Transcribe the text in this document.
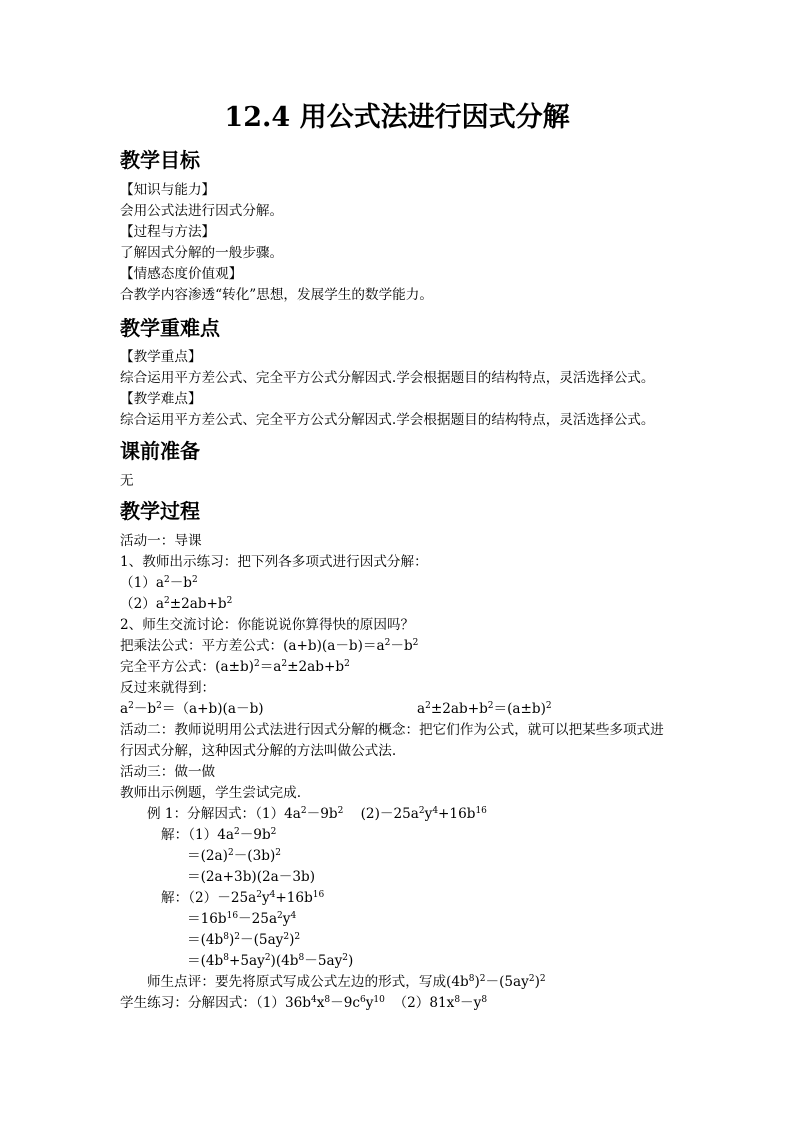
12.4 用公式法进行因式分解
教学目标
【知识与能力】
会用公式法进行因式分解。
【过程与方法】
了解因式分解的一般步骤。
【情感态度价值观】
合教学内容渗透“转化”思想，发展学生的数学能力。
教学重难点
【教学重点】
综合运用平方差公式、完全平方公式分解因式.学会根据题目的结构特点，灵活选择公式。
【教学难点】
综合运用平方差公式、完全平方公式分解因式.学会根据题目的结构特点，灵活选择公式。
课前准备
无
教学过程
活动一：导课
1、教师出示练习：把下列各多项式进行因式分解：
$(1)a^2-b^2$
$(2)a^2\pm 2ab+b^2$
2、师生交流讨论：你能说说你算得快的原因吗？
把乘法公式：平方差公式：$(a+b)(a-b)=a^2-b^2$
完全平方公式：$(a\pm b)^2=a^2\pm 2ab+b^2$
反过来就得到：
$a^2-b^2=(a+b)(a-b)$	$a^2\pm 2ab+b^2=(a\pm b)^2$
活动二：教师说明用公式法进行因式分解的概念：把它们作为公式，就可以把某些多项式进
行因式分解，这种因式分解的方法叫做公式法.
活动三：做一做
教师出示例题，学生尝试完成.
例 1：分解因式：$(1)4a^2-9b^2$    $(2)-25a^2y^4+16b^{16}$
解：$(1)4a^2-9b^2$
$=(2a)^2-(3b)^2$
＝(2a+3b)(2a－3b)
解：$(2)-25a^2y^4+16b^{16}$
$=16b^{16}-25a^2y^4$
$=(4b^8)^2-(5ay^2)^2$
$=(4b^8+5ay^2)(4b^8-5ay^2)$
师生点评：要先将原式写成公式左边的形式，写成$(4b^8)^2-(5ay^2)^2$
学生练习：分解因式：$(1)36b^4x^8-9c^6y^{10}$  $(2)81x^8-y^8$
